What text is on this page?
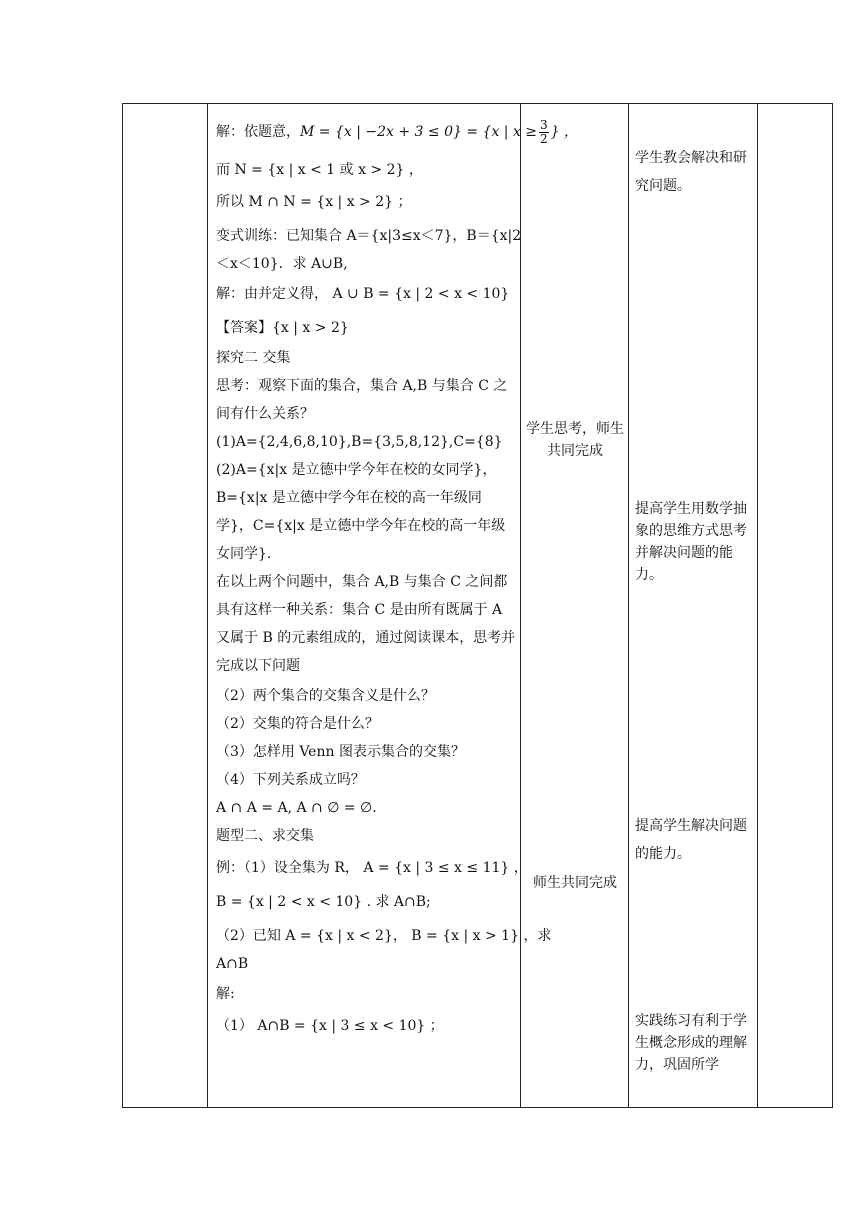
解：依题意，M = {x | −2x + 3 ≤ 0} = {x | $x \ge \frac{3}{2}$ } ，
而 N = {x | x < 1 或 x > 2} ，
所以 M ∩ N = {x | x > 2} ；
变式训练：已知集合 A＝{x|3≤x＜7}，B＝{x|2
＜x＜10}．求 A∪B,
解：由并定义得， A ∪ B = {x | 2 < x < 10}
【答案】{x | x > 2}
探究二 交集
思考：观察下面的集合，集合 A,B 与集合 C 之间有什么关系？
(1)A={2,4,6,8,10},B={3,5,8,12},C={8}
(2)A={x|x 是立德中学今年在校的女同学}，B={x|x 是立德中学今年在校的高一年级同学}，C={x|x 是立德中学今年在校的高一年级女同学}.
在以上两个问题中，集合 A,B 与集合 C 之间都具有这样一种关系：集合 C 是由所有既属于 A 又属于 B 的元素组成的，通过阅读课本，思考并完成以下问题
（2）两个集合的交集含义是什么？
（2）交集的符合是什么？
（3）怎样用 Venn 图表示集合的交集？
（4）下列关系成立吗？
A ∩ A = A, A ∩ ∅ = ∅.
题型二、求交集
例：（1）设全集为 R， A = {x | 3 ≤ x ≤ 11} ，
B = {x | 2 < x < 10} . 求 A∩B;
（2）已知 A = {x | x < 2}， B = {x | x > 1} ，求
A∩B
解:
（1） A∩B = {x | 3 ≤ x < 10} ；
学生思考，师生共同完成
师生共同完成
学生教会解决和研究问题。
提高学生用数学抽象的思维方式思考并解决问题的能力。
提高学生解决问题的能力。
实践练习有利于学生概念形成的理解力，巩固所学
